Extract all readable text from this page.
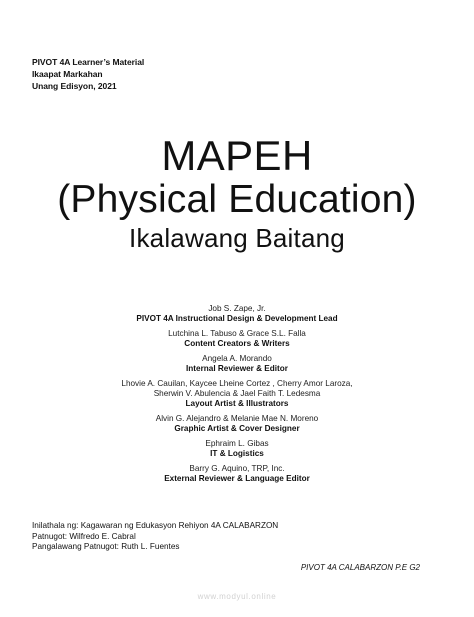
PIVOT 4A Learner’s Material
Ikaapat Markahan
Unang Edisyon, 2021
MAPEH
(Physical Education)
Ikalawang Baitang
Job S. Zape, Jr.
PIVOT 4A Instructional Design & Development Lead
Lutchina L. Tabuso & Grace S.L. Falla
Content Creators & Writers
Angela A. Morando
Internal Reviewer & Editor
Lhovie A. Cauilan, Kaycee Lheine Cortez , Cherry Amor Laroza,
Sherwin V. Abulencia & Jael Faith T. Ledesma
Layout Artist & Illustrators
Alvin G. Alejandro & Melanie Mae N. Moreno
Graphic Artist & Cover Designer
Ephraim L. Gibas
IT & Logistics
Barry G. Aquino, TRP, Inc.
External Reviewer & Language Editor
Inilathala ng: Kagawaran ng Edukasyon Rehiyon 4A CALABARZON
Patnugot: Wilfredo E. Cabral
Pangalawang Patnugot: Ruth L. Fuentes
PIVOT 4A CALABARZON P.E G2
www.modyul.online
